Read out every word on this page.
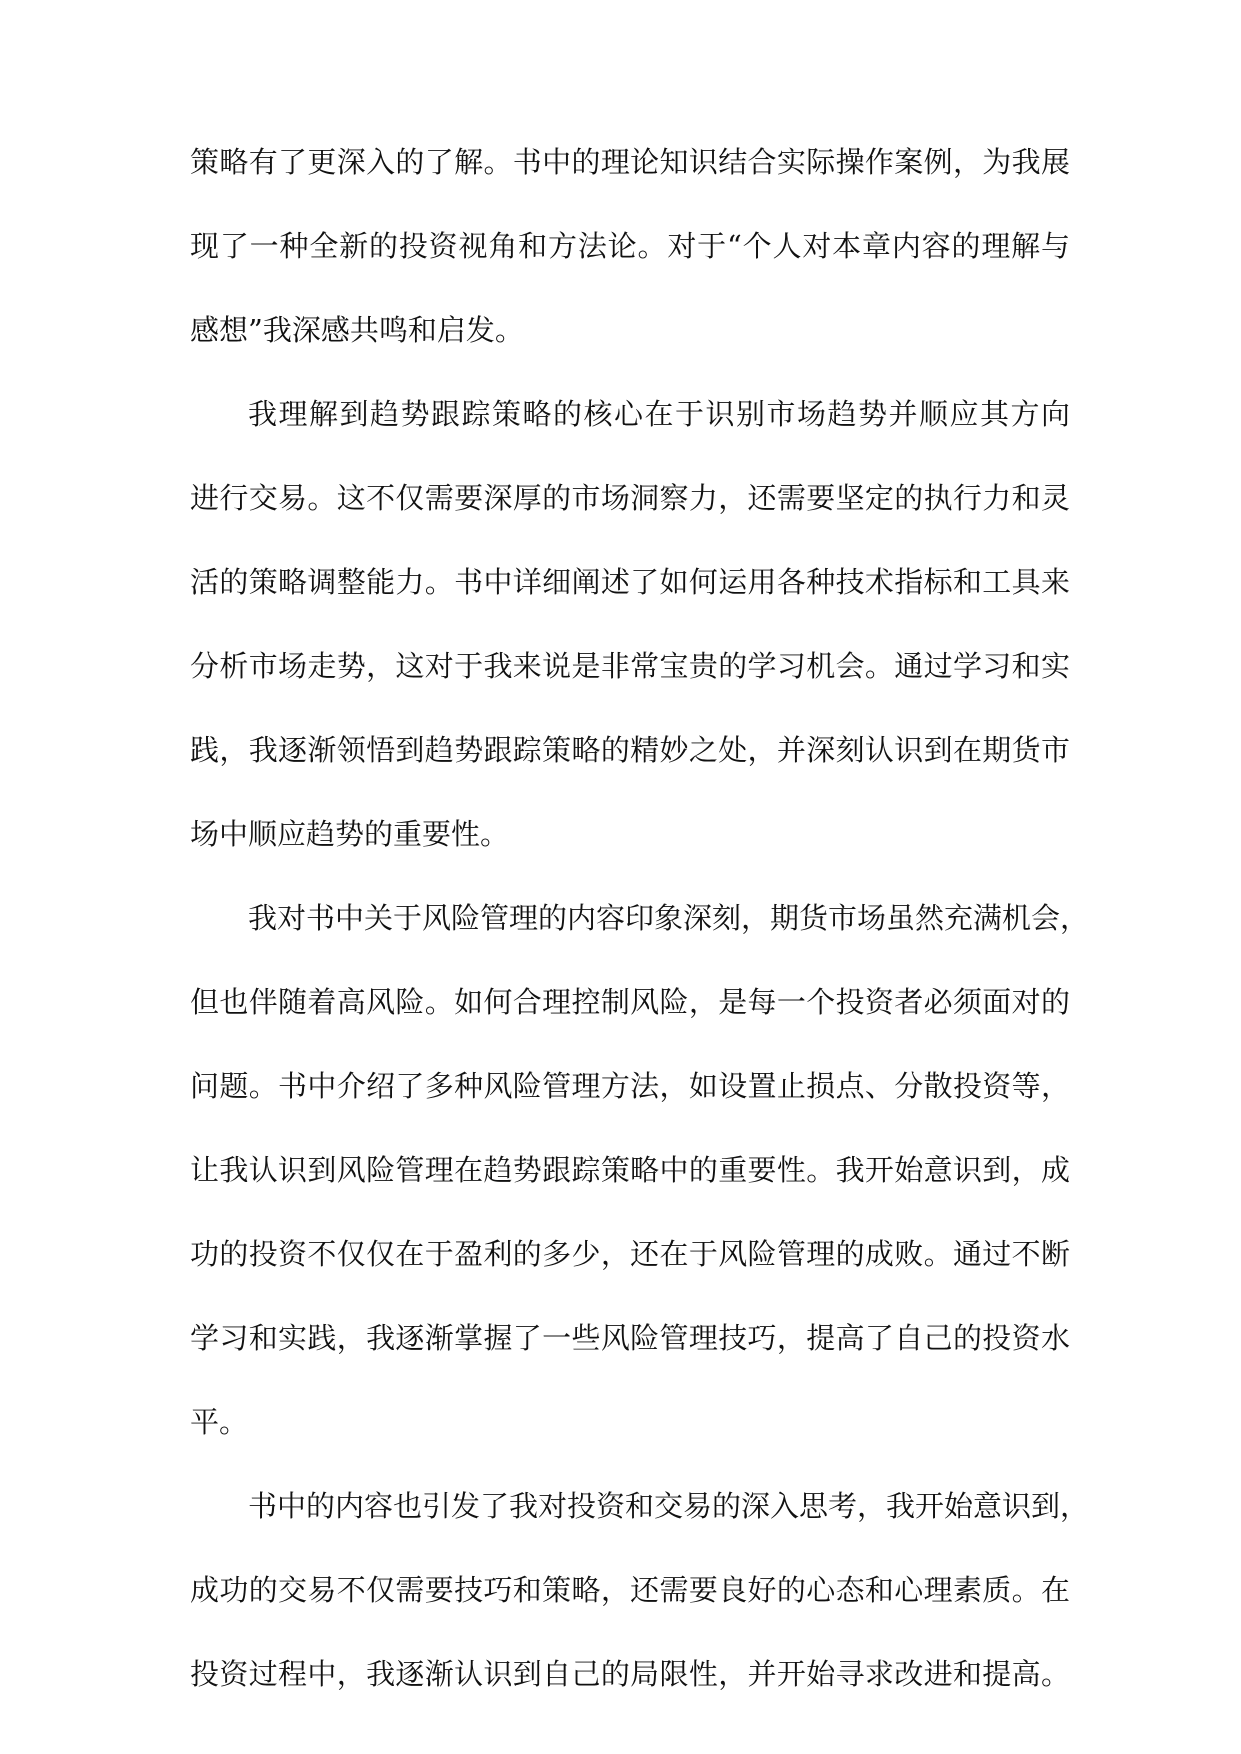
策略有了更深入的了解。书中的理论知识结合实际操作案例，为我展
现了一种全新的投资视角和方法论。对于“个人对本章内容的理解与
感想”我深感共鸣和启发。
我理解到趋势跟踪策略的核心在于识别市场趋势并顺应其方向
进行交易。这不仅需要深厚的市场洞察力，还需要坚定的执行力和灵
活的策略调整能力。书中详细阐述了如何运用各种技术指标和工具来
分析市场走势，这对于我来说是非常宝贵的学习机会。通过学习和实
践，我逐渐领悟到趋势跟踪策略的精妙之处，并深刻认识到在期货市
场中顺应趋势的重要性。
我对书中关于风险管理的内容印象深刻，期货市场虽然充满机会，
但也伴随着高风险。如何合理控制风险，是每一个投资者必须面对的
问题。书中介绍了多种风险管理方法，如设置止损点、分散投资等，
让我认识到风险管理在趋势跟踪策略中的重要性。我开始意识到，成
功的投资不仅仅在于盈利的多少，还在于风险管理的成败。通过不断
学习和实践，我逐渐掌握了一些风险管理技巧，提高了自己的投资水
平。
书中的内容也引发了我对投资和交易的深入思考，我开始意识到，
成功的交易不仅需要技巧和策略，还需要良好的心态和心理素质。在
投资过程中，我逐渐认识到自己的局限性，并开始寻求改进和提高。
